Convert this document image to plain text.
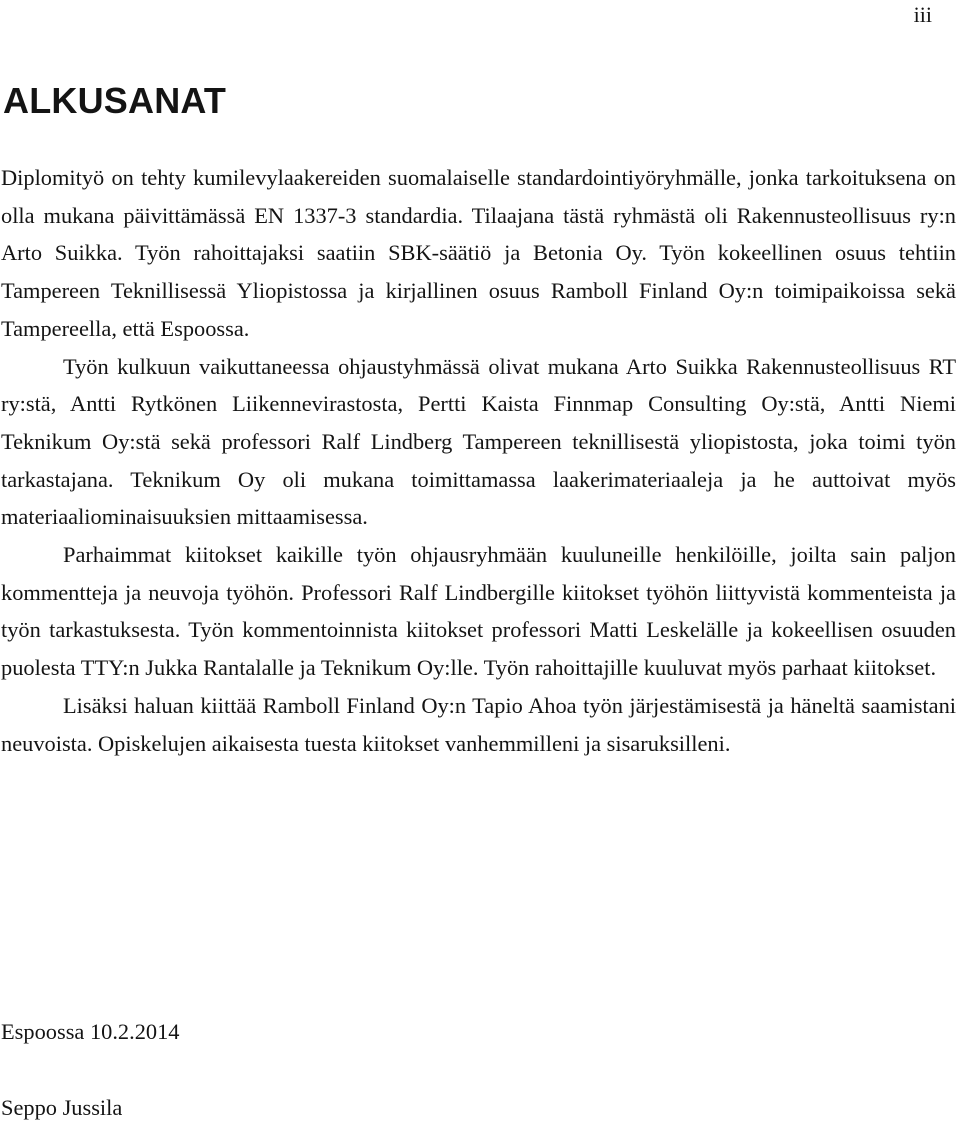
iii
ALKUSANAT

Diplomityö on tehty kumilevylaakereiden suomalaiselle standardointiyöryhmälle, jonka tarkoituksena on olla mukana päivittämässä EN 1337-3 standardia. Tilaajana tästä ryhmästä oli Rakennusteollisuus ry:n Arto Suikka. Työn rahoittajaksi saatiin SBK-säätiö ja Betonia Oy. Työn kokeellinen osuus tehtiin Tampereen Teknillisessä Yliopistossa ja kirjallinen osuus Ramboll Finland Oy:n toimipaikoissa sekä Tampereella, että Espoossa.

Työn kulkuun vaikuttaneessa ohjaustyhmässä olivat mukana Arto Suikka Rakennusteollisuus RT ry:stä, Antti Rytkönen Liikennevirastosta, Pertti Kaista Finnmap Consulting Oy:stä, Antti Niemi Teknikum Oy:stä sekä professori Ralf Lindberg Tampereen teknillisestä yliopistosta, joka toimi työn tarkastajana. Teknikum Oy oli mukana toimittamassa laakerimateriaaleja ja he auttoivat myös materiaaliominaisuuksien mittaamisessa.

Parhaimmat kiitokset kaikille työn ohjausryhmään kuuluneille henkilöille, joilta sain paljon kommentteja ja neuvoja työhön. Professori Ralf Lindbergille kiitokset työhön liittyvistä kommenteista ja työn tarkastuksesta. Työn kommentoinnista kiitokset professori Matti Leskelälle ja kokeellisen osuuden puolesta TTY:n Jukka Rantalalle ja Teknikum Oy:lle. Työn rahoittajille kuuluvat myös parhaat kiitokset.

Lisäksi haluan kiittää Ramboll Finland Oy:n Tapio Ahoa työn järjestämisestä ja häneltä saamistani neuvoista. Opiskelujen aikaisesta tuesta kiitokset vanhemmilleni ja sisaruksilleni.

Espoossa 10.2.2014
Seppo Jussila
